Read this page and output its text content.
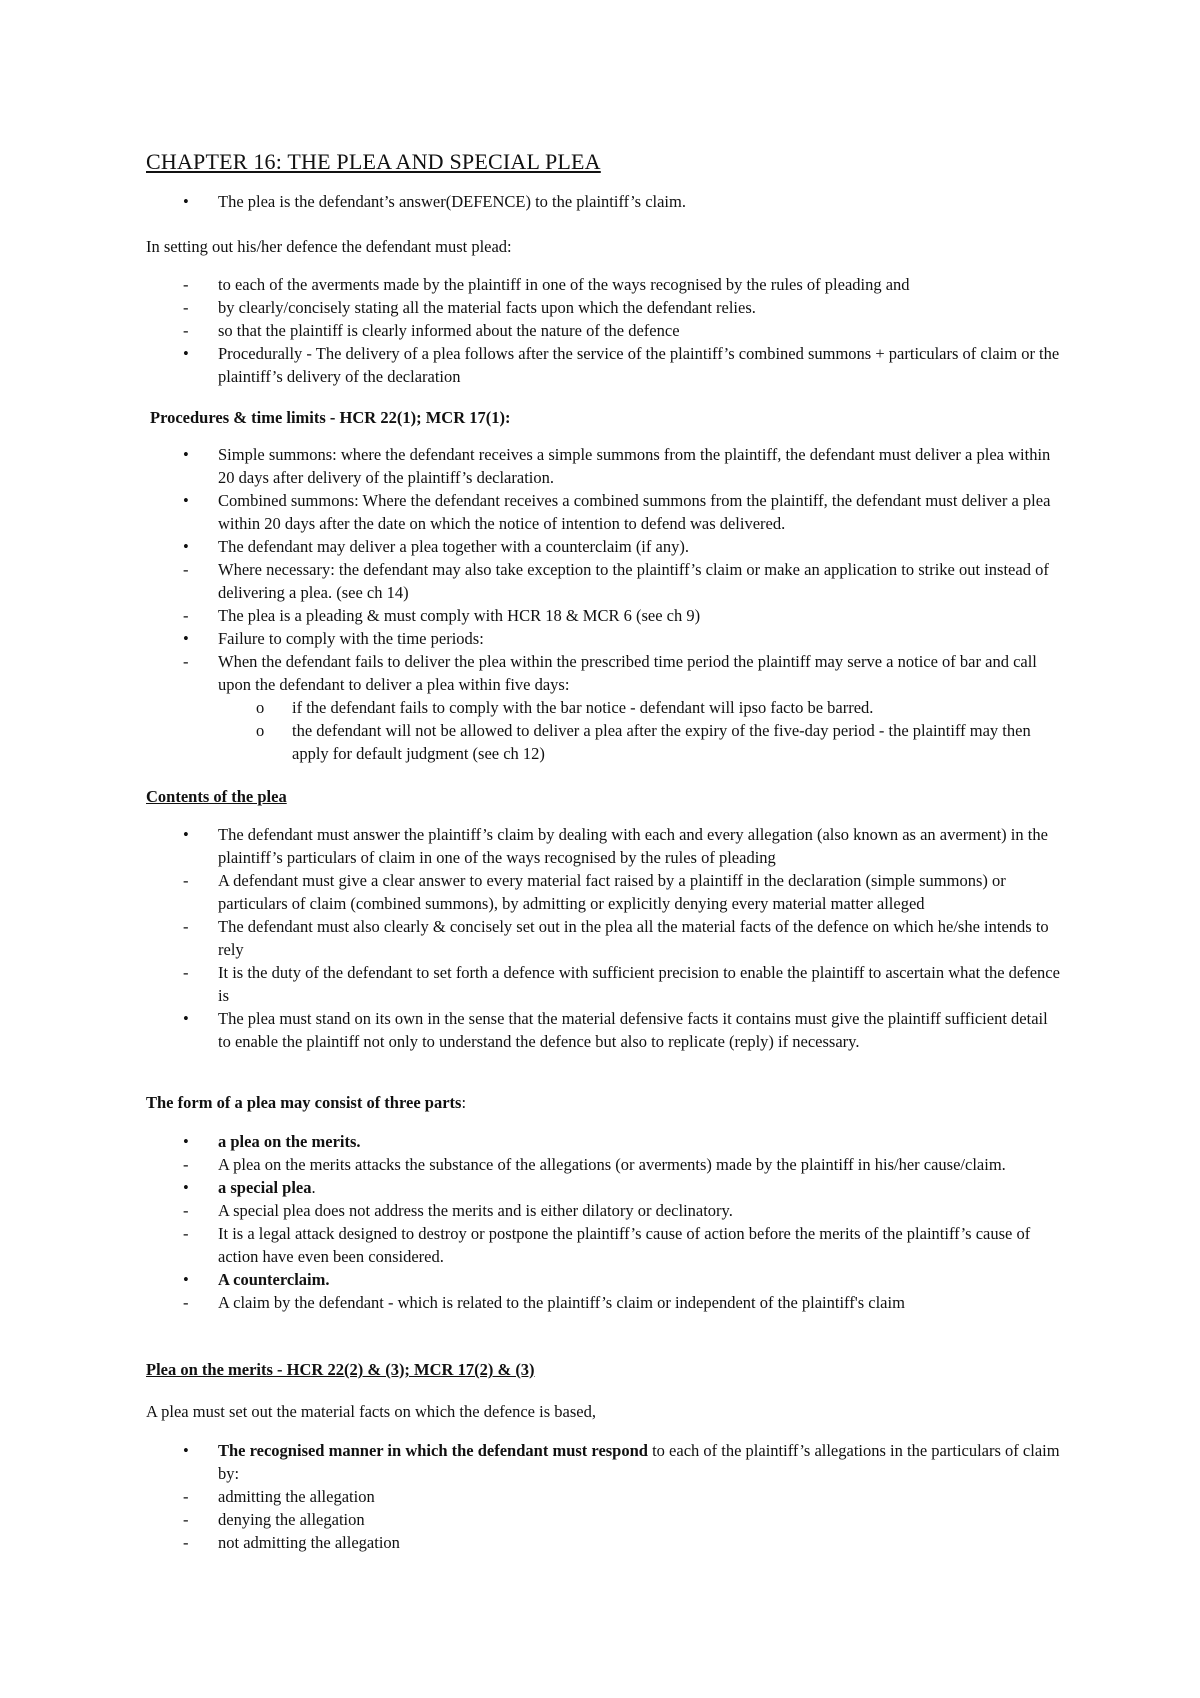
CHAPTER 16: THE PLEA AND SPECIAL PLEA
•	The plea is the defendant’s answer(DEFENCE) to the plaintiff’s claim.

In setting out his/her defence the defendant must plead:

-	to each of the averments made by the plaintiff in one of the ways recognised by the rules of pleading and
-	by clearly/concisely stating all the material facts upon which the defendant relies.
-	so that the plaintiff is clearly informed about the nature of the defence
•	Procedurally - The delivery of a plea follows after the service of the plaintiff’s combined summons + particulars of claim or the plaintiff’s delivery of the declaration

Procedures & time limits - HCR 22(1); MCR 17(1):

•	Simple summons: where the defendant receives a simple summons from the plaintiff, the defendant must deliver a plea within 20 days after delivery of the plaintiff’s declaration.
•	Combined summons: Where the defendant receives a combined summons from the plaintiff, the defendant must deliver a plea within 20 days after the date on which the notice of intention to defend was delivered.
•	The defendant may deliver a plea together with a counterclaim (if any).
-	Where necessary: the defendant may also take exception to the plaintiff’s claim or make an application to strike out instead of delivering a plea. (see ch 14)
-	The plea is a pleading & must comply with HCR 18 & MCR 6 (see ch 9)
•	Failure to comply with the time periods:
-	When the defendant fails to deliver the plea within the prescribed time period the plaintiff may serve a notice of bar and call upon the defendant to deliver a plea within five days:
o	if the defendant fails to comply with the bar notice - defendant will ipso facto be barred.
o	the defendant will not be allowed to deliver a plea after the expiry of the five-day period - the plaintiff may then apply for default judgment (see ch 12)

Contents of the plea

•	The defendant must answer the plaintiff’s claim by dealing with each and every allegation (also known as an averment) in the plaintiff’s particulars of claim in one of the ways recognised by the rules of pleading
-	A defendant must give a clear answer to every material fact raised by a plaintiff in the declaration (simple summons) or particulars of claim (combined summons), by admitting or explicitly denying every material matter alleged
-	The defendant must also clearly & concisely set out in the plea all the material facts of the defence on which he/she intends to rely
-	It is the duty of the defendant to set forth a defence with sufficient precision to enable the plaintiff to ascertain what the defence is
•	The plea must stand on its own in the sense that the material defensive facts it contains must give the plaintiff sufficient detail to enable the plaintiff not only to understand the defence but also to replicate (reply) if necessary.

The form of a plea may consist of three parts:

•	a plea on the merits.
-	A plea on the merits attacks the substance of the allegations (or averments) made by the plaintiff in his/her cause/claim.
•	a special plea.
-	A special plea does not address the merits and is either dilatory or declinatory.
-	It is a legal attack designed to destroy or postpone the plaintiff’s cause of action before the merits of the plaintiff’s cause of action have even been considered.
•	A counterclaim.
-	A claim by the defendant - which is related to the plaintiff’s claim or independent of the plaintiff's claim

Plea on the merits - HCR 22(2) & (3); MCR 17(2) & (3)

A plea must set out the material facts on which the defence is based,

•	The recognised manner in which the defendant must respond to each of the plaintiff’s allegations in the particulars of claim by:
-	admitting the allegation
-	denying the allegation
-	not admitting the allegation
